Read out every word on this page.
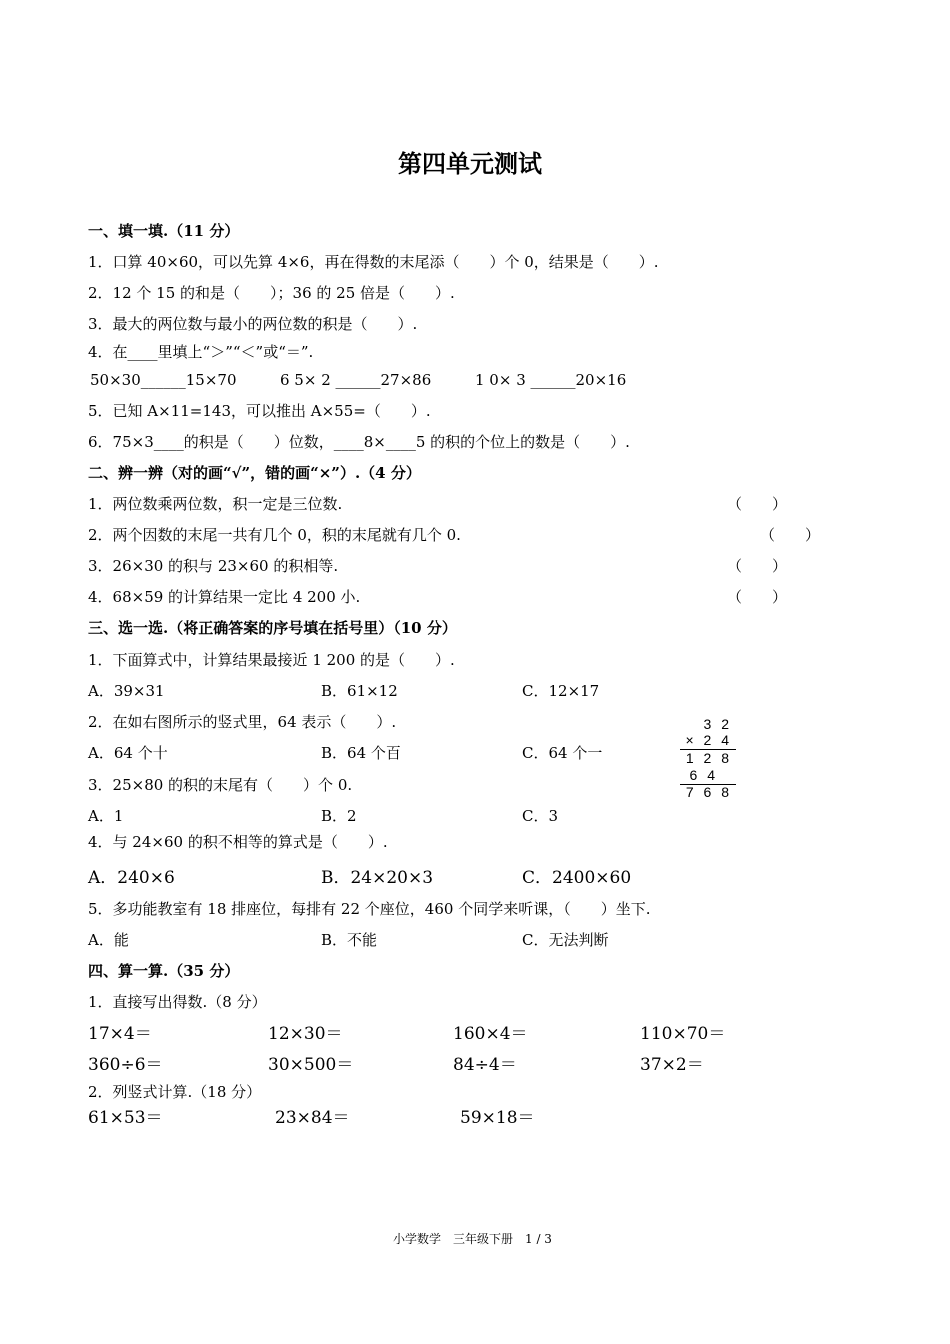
第四单元测试
一、填一填.（11 分）
1．口算 40×60，可以先算 4×6，再在得数的末尾添（　　）个 0，结果是（　　）.
2．12 个 15 的和是（　　）；36 的 25 倍是（　　）.
3．最大的两位数与最小的两位数的积是（　　）.
4．在____里填上“＞”“＜”或“＝”.
50×30______15×70	6 5× 2 ______27×86	1 0× 3 ______20×16
5．已知 A×11=143，可以推出 A×55=（　　）.
6．75×3____的积是（　　）位数，____8×____5 的积的个位上的数是（　　）.
二、辨一辨（对的画“√”，错的画“×”）.（4 分）
1．两位数乘两位数，积一定是三位数.	（　　）
2．两个因数的末尾一共有几个 0，积的末尾就有几个 0.	（　　）
3．26×30 的积与 23×60 的积相等.	（　　）
4．68×59 的计算结果一定比 4 200 小.	（　　）
三、选一选.（将正确答案的序号填在括号里）（10 分）
1．下面算式中，计算结果最接近 1 200 的是（　　）.
A．39×31	B．61×12	C．12×17
2．在如右图所示的竖式里，64 表示（　　）.
A．64 个十	B．64 个百	C．64 个一
3 2
× 2 4
1 2 8
6 4
7 6 8
3．25×80 的积的末尾有（　　）个 0.
A．1	B．2	C．3
4．与 24×60 的积不相等的算式是（　　）.
A．240×6	B．24×20×3	C．2400×60
5．多功能教室有 18 排座位，每排有 22 个座位，460 个同学来听课，（　　）坐下.
A．能	B．不能	C．无法判断
四、算一算.（35 分）
1．直接写出得数.（8 分）
17×4＝	12×30＝	160×4＝	110×70＝
360÷6＝	30×500＝	84÷4＝	37×2＝
2．列竖式计算.（18 分）
61×53＝	23×84＝	59×18＝
小学数学　三年级下册　1 / 3
